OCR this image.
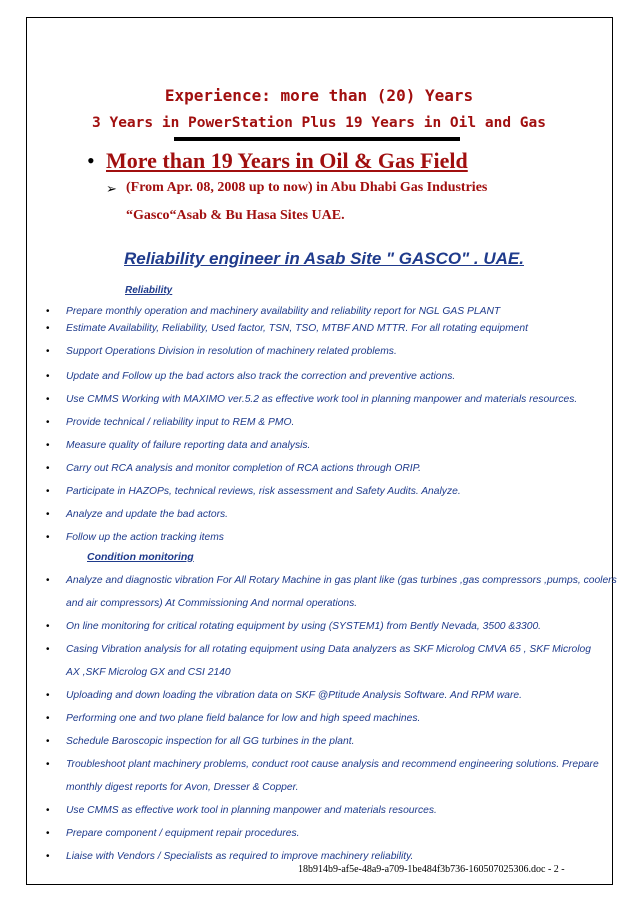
Experience: more than (20) Years
3 Years in PowerStation Plus 19 Years in Oil and Gas
• More than 19 Years in Oil & Gas Field
➢ (From Apr. 08, 2008 up to now) in Abu Dhabi Gas Industries
“Gasco“Asab & Bu Hasa Sites UAE.
Reliability engineer in Asab Site " GASCO" . UAE.
Reliability
• Prepare monthly operation and machinery availability and reliability report for NGL GAS PLANT
• Estimate Availability, Reliability, Used factor, TSN, TSO, MTBF AND MTTR. For all rotating equipment
• Support Operations Division in resolution of machinery related problems.
• Update and Follow up the bad actors also track the correction and preventive actions.
• Use CMMS Working with MAXIMO ver.5.2 as effective work tool in planning manpower and materials resources.
• Provide technical / reliability input to REM & PMO.
• Measure quality of failure reporting data and analysis.
• Carry out RCA analysis and monitor completion of RCA actions through ORIP.
• Participate in HAZOPs, technical reviews, risk assessment and Safety Audits. Analyze.
• Analyze and update the bad actors.
• Follow up the action tracking items
Condition monitoring
• Analyze and diagnostic vibration For All Rotary Machine in gas plant like (gas turbines ,gas compressors ,pumps, coolers
and air compressors) At Commissioning And normal operations.
• On line monitoring for critical rotating equipment by using (SYSTEM1) from Bently Nevada, 3500 &3300.
• Casing Vibration analysis for all rotating equipment using Data analyzers as SKF Microlog CMVA 65 , SKF Microlog
AX ,SKF Microlog GX and CSI 2140
• Uploading and down loading the vibration data on SKF @Ptitude Analysis Software. And RPM ware.
• Performing one and two plane field balance for low and high speed machines.
• Schedule Baroscopic inspection for all GG turbines in the plant.
• Troubleshoot plant machinery problems, conduct root cause analysis and recommend engineering solutions. Prepare
monthly digest reports for Avon, Dresser & Copper.
• Use CMMS as effective work tool in planning manpower and materials resources.
• Prepare component / equipment repair procedures.
• Liaise with Vendors / Specialists as required to improve machinery reliability.
18b914b9-af5e-48a9-a709-1be484f3b736-160507025306.doc - 2 -
